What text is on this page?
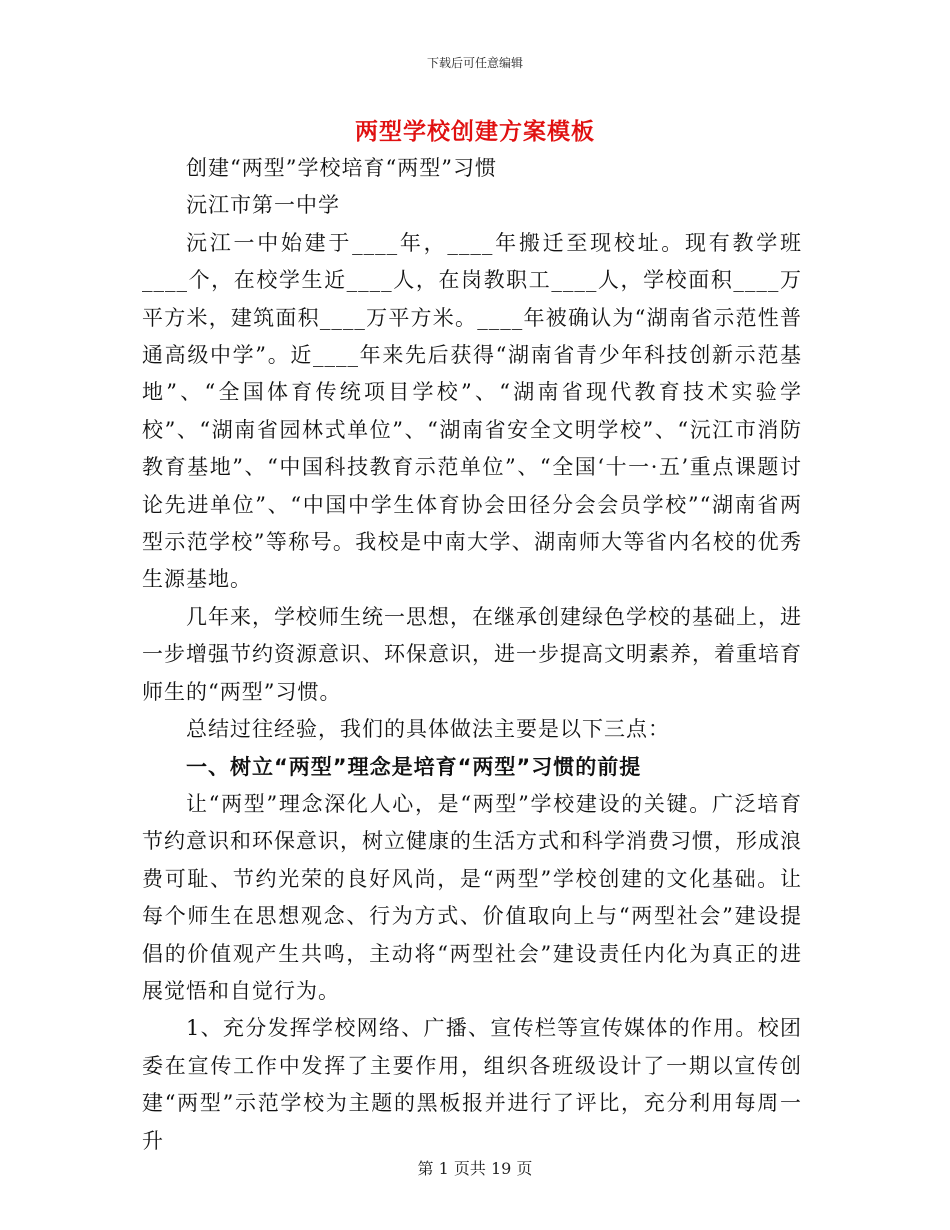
下载后可任意编辑
两型学校创建方案模板

创建“两型”学校培育“两型”习惯

沅江市第一中学

沅江一中始建于____年，____年搬迁至现校址。现有教学班____个，在校学生近____人，在岗教职工____人，学校面积____万平方米，建筑面积____万平方米。____年被确认为“湖南省示范性普通高级中学”。近____年来先后获得“湖南省青少年科技创新示范基地”、“全国体育传统项目学校”、“湖南省现代教育技术实验学校”、“湖南省园林式单位”、“湖南省安全文明学校”、“沅江市消防教育基地”、“中国科技教育示范单位”、“全国‘十一·五’重点课题讨论先进单位”、“中国中学生体育协会田径分会会员学校”“湖南省两型示范学校”等称号。我校是中南大学、湖南师大等省内名校的优秀生源基地。

几年来，学校师生统一思想，在继承创建绿色学校的基础上，进一步增强节约资源意识、环保意识，进一步提高文明素养，着重培育师生的“两型”习惯。

总结过往经验，我们的具体做法主要是以下三点：

一、树立“两型”理念是培育“两型”习惯的前提

让“两型”理念深化人心，是“两型”学校建设的关键。广泛培育节约意识和环保意识，树立健康的生活方式和科学消费习惯，形成浪费可耻、节约光荣的良好风尚，是“两型”学校创建的文化基础。让每个师生在思想观念、行为方式、价值取向上与“两型社会”建设提倡的价值观产生共鸣，主动将“两型社会”建设责任内化为真正的进展觉悟和自觉行为。

1、充分发挥学校网络、广播、宣传栏等宣传媒体的作用。校团委在宣传工作中发挥了主要作用，组织各班级设计了一期以宣传创建“两型”示范学校为主题的黑板报并进行了评比，充分利用每周一升

第 1 页共 19 页
